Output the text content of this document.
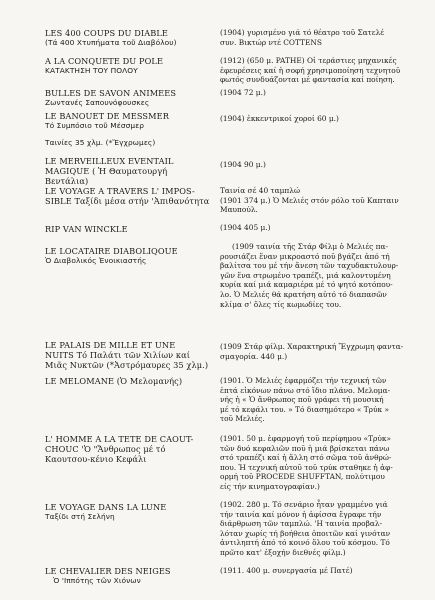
LES 400 COUPS DU DIABLE
(Τά 400 Χτυπήματα τοῦ Διαβόλου)
(1904) γυρισμένο γιά τό θέατρο τοῦ Σατελέ
συν. Βικτώρ ντέ COTTENS
A LA CONQUETE DU POLE
ΚΑΤΑΚΤΗΣΗ ΤΟΥ ΠΟΛΟΥ
(1912) (650 μ. PATHE) Οἱ τεράστιες μηχανικές
ἐφευρέσεις καί ἡ σοφή χρησιμοποίηση τεχνητοῦ
φωτός συνδυάζονται μέ φαντασία καί ποίηση.
BULLES DE SAVON ANIMEES
Ζωντανές Σαπουνόφουσκες
(1904 72 μ.)
LE BANOUET DE MESSMER
Τό Συμπόσιο τοῦ Μέσσμερ
(1904) ἐκκεντρικοί χοροί 60 μ.)
Ταινίες 35 χλμ. (*Ἔγχρωμες)
LE MERVEILLEUX EVENTAIL
MAGIQUE ( Ἡ Θαυματουργή Βεντάλια)
(1904 90 μ.)
LE VOYAGE A TRAVERS L' IMPOS-
SIBLE Ταξίδι μέσα στήν 'Ἀπιθανότητα
Ταινία σέ 40 ταμπλώ
(1901 374 μ.) Ὁ Μελιές στόν ρόλο τοῦ Καπταιν
Μαυπούλ.
RIP VAN WINCKLE	(1904 405 μ.)
LE LOCATAIRE DIABOLIQOUE
Ὁ Διαβολικός Ἐνοικιαστής
(1909 ταινία τῆς Στάρ Φίλμ ὁ Μελιές πα-
ρουσιάζει ἕναν μικροαστό ποῦ βγάζει ἀπό τή
βαλίτσα του μέ τήν ἄνεση τῶν ταχυδακτυλουρ-
γῶν ἕνα στρωμένο τραπέζι, μιά καλοντυμένη
κυρία καί μιά καμαριέρα μέ τό ψητό κοτόπου-
λο. Ὁ Μελιές θά κρατήση αὐτό τό διαπασῶν
κλίμα σ' ὅλες τίς κωμωδίες του.
LE PALAIS DE MILLE ET UNE
NUITS Τό Παλάτι τῶν Χιλίων καί Μιᾶς Νυκτῶν (*Ἀστρόμαυρες 35 χλμ.)
(1909 Στάρ φίλμ. Χαρακτηρική Ἔγχρωμη φαντα-
σμαγορία. 440 μ.)
LE MELOMANE (Ὁ Μελομανής)	(1901. Ὁ Μελιές ἐφαρμόζει τήν τεχνική τῶν
ἑπτά εἰκόνων πάνω στό ἴδιο πλάνο. Μελομα-
νής ἡ « Ὁ ἄνθρωπος ποῦ γράφει τή μουσική
μέ τό κεφάλι του. » Τό διασημότερο « Τρύκ »
τοῦ Μελιές.
L' HOMME A LA TETE DE CAOUT-
CHOUC 'Ὁ "Ἄνθρωπος μέ τό Καουτσου-κένιο Κεφάλι
(1901. 50 μ. ἐφαρμογή τοῦ περίφημου «Τρύκ»
τῶν δυό κεφαλιῶν ποῦ ἡ μιά βρίσκεται πάνω
στό τραπέζι καί ἡ ἄλλη στό σῶμα τοῦ ἀνθρώ-
που. Ἡ τεχνική αὐτοῦ τοῦ τρύκ σταθηκε ἡ ἀφ-
ορμή τοῦ PROCEDE SHUFFTAN, πολύτιμου
είς τήν κινηματογραφίαν.)
LE VOYAGE DANS LA LUNE
Ταξίδι στή Σελήνη
(1902. 280 μ. Τό σενάριο ἦταν γραμμένο γιά
τήν ταινία καί μόνον ἡ ἀφίσσα ἔγραφε τήν
διάρθρωση τῶν ταμπλώ. 'Η ταινία προβαλ-
λόταν χωρίς τή βοήθεια ὁποιτῶν καί γινόταν
ἀντιληπτή ἀπό τό κοινό ὅλου τοῦ κόσμου. Τό
πρῶτο κατ' ἐξοχήν διεθνές φίλμ.)
LE CHEVALIER DES NEIGES
Ὁ 'Ιππότης τῶν Χιόνων
(1911. 400 μ. συνεργασία μέ Πατέ)
